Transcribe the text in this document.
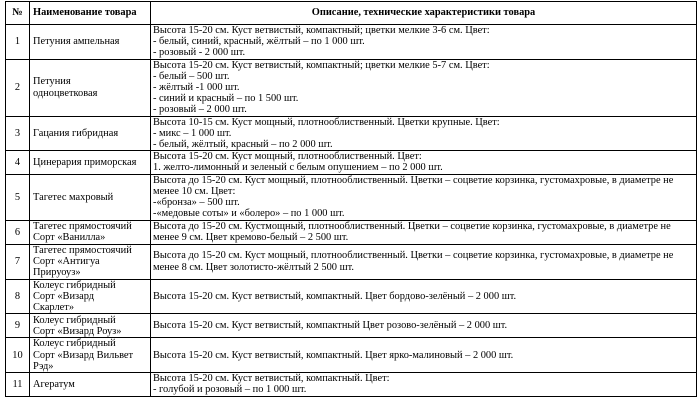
№	Наименование товара	Описание, технические характеристики товара
1	Петуния ампельная	Высота 15-20 см. Куст ветвистый, компактный; цветки мелкие 3-6 см. Цвет:
- белый, синий, красный, жёлтый – по 1 000 шт.
- розовый - 2 000 шт.

2	Петуния
одноцветковая	Высота 15-20 см. Куст ветвистый, компактный; цветки мелкие 5-7 см. Цвет:
- белый – 500 шт.
- жёлтый -1 000 шт.
- синий и красный – по 1 500 шт.
- розовый – 2 000 шт.

3	Гацания гибридная	Высота 10-15 см. Куст мощный, плотнооблиственный. Цветки крупные. Цвет:
- микс – 1 000 шт.
- белый, жёлтый, красный – по 2 000 шт.

4	Цинерария приморская	Высота 15-20 см. Куст мощный, плотнооблиственный. Цвет:
1. желто-лимонный и зеленый с белым опушением – по 2 000 шт.

5	Тагетес махровый	Высота до 15-20 см. Куст мощный, плотнооблиственный. Цветки – соцветие корзинка, густомахровые, в диаметре не
менее 10 см. Цвет:
-«бронза» – 500 шт.
-«медовые соты» и «болеро» – по 1 000 шт.

6	Тагетес прямостоячий
Сорт «Ванилла»	Высота до 15-20 см. Кустмощный, плотнооблиственный. Цветки – соцветие корзинка, густомахровые, в диаметре не
менее 9 см. Цвет кремово-белый – 2 500 шт.

7	Тагетес прямостоячий
Сорт «Антигуа
Прируоуз»	Высота до 15-20 см. Куст мощный, плотнооблиственный. Цветки – соцветие корзинка, густомахровые, в диаметре не
менее 8 см. Цвет золотисто-жёлтый 2 500 шт.

8	Колеус гибридный
Сорт «Визард
Скарлет»	Высота 15-20 см. Куст ветвистый, компактный. Цвет бордово-зелёный – 2 000 шт.

9	Колеус гибридный
Сорт «Визард Роуз»	Высота 15-20 см. Куст ветвистый, компактный Цвет розово-зелёный – 2 000 шт.

10	Колеус гибридный
Сорт «Визард Вильвет
Рэд»	Высота 15-20 см. Куст ветвистый, компактный. Цвет ярко-малиновый – 2 000 шт.

11	Агератум	Высота 15-20 см. Куст ветвистый, компактный. Цвет:
- голубой и розовый – по 1 000 шт.
